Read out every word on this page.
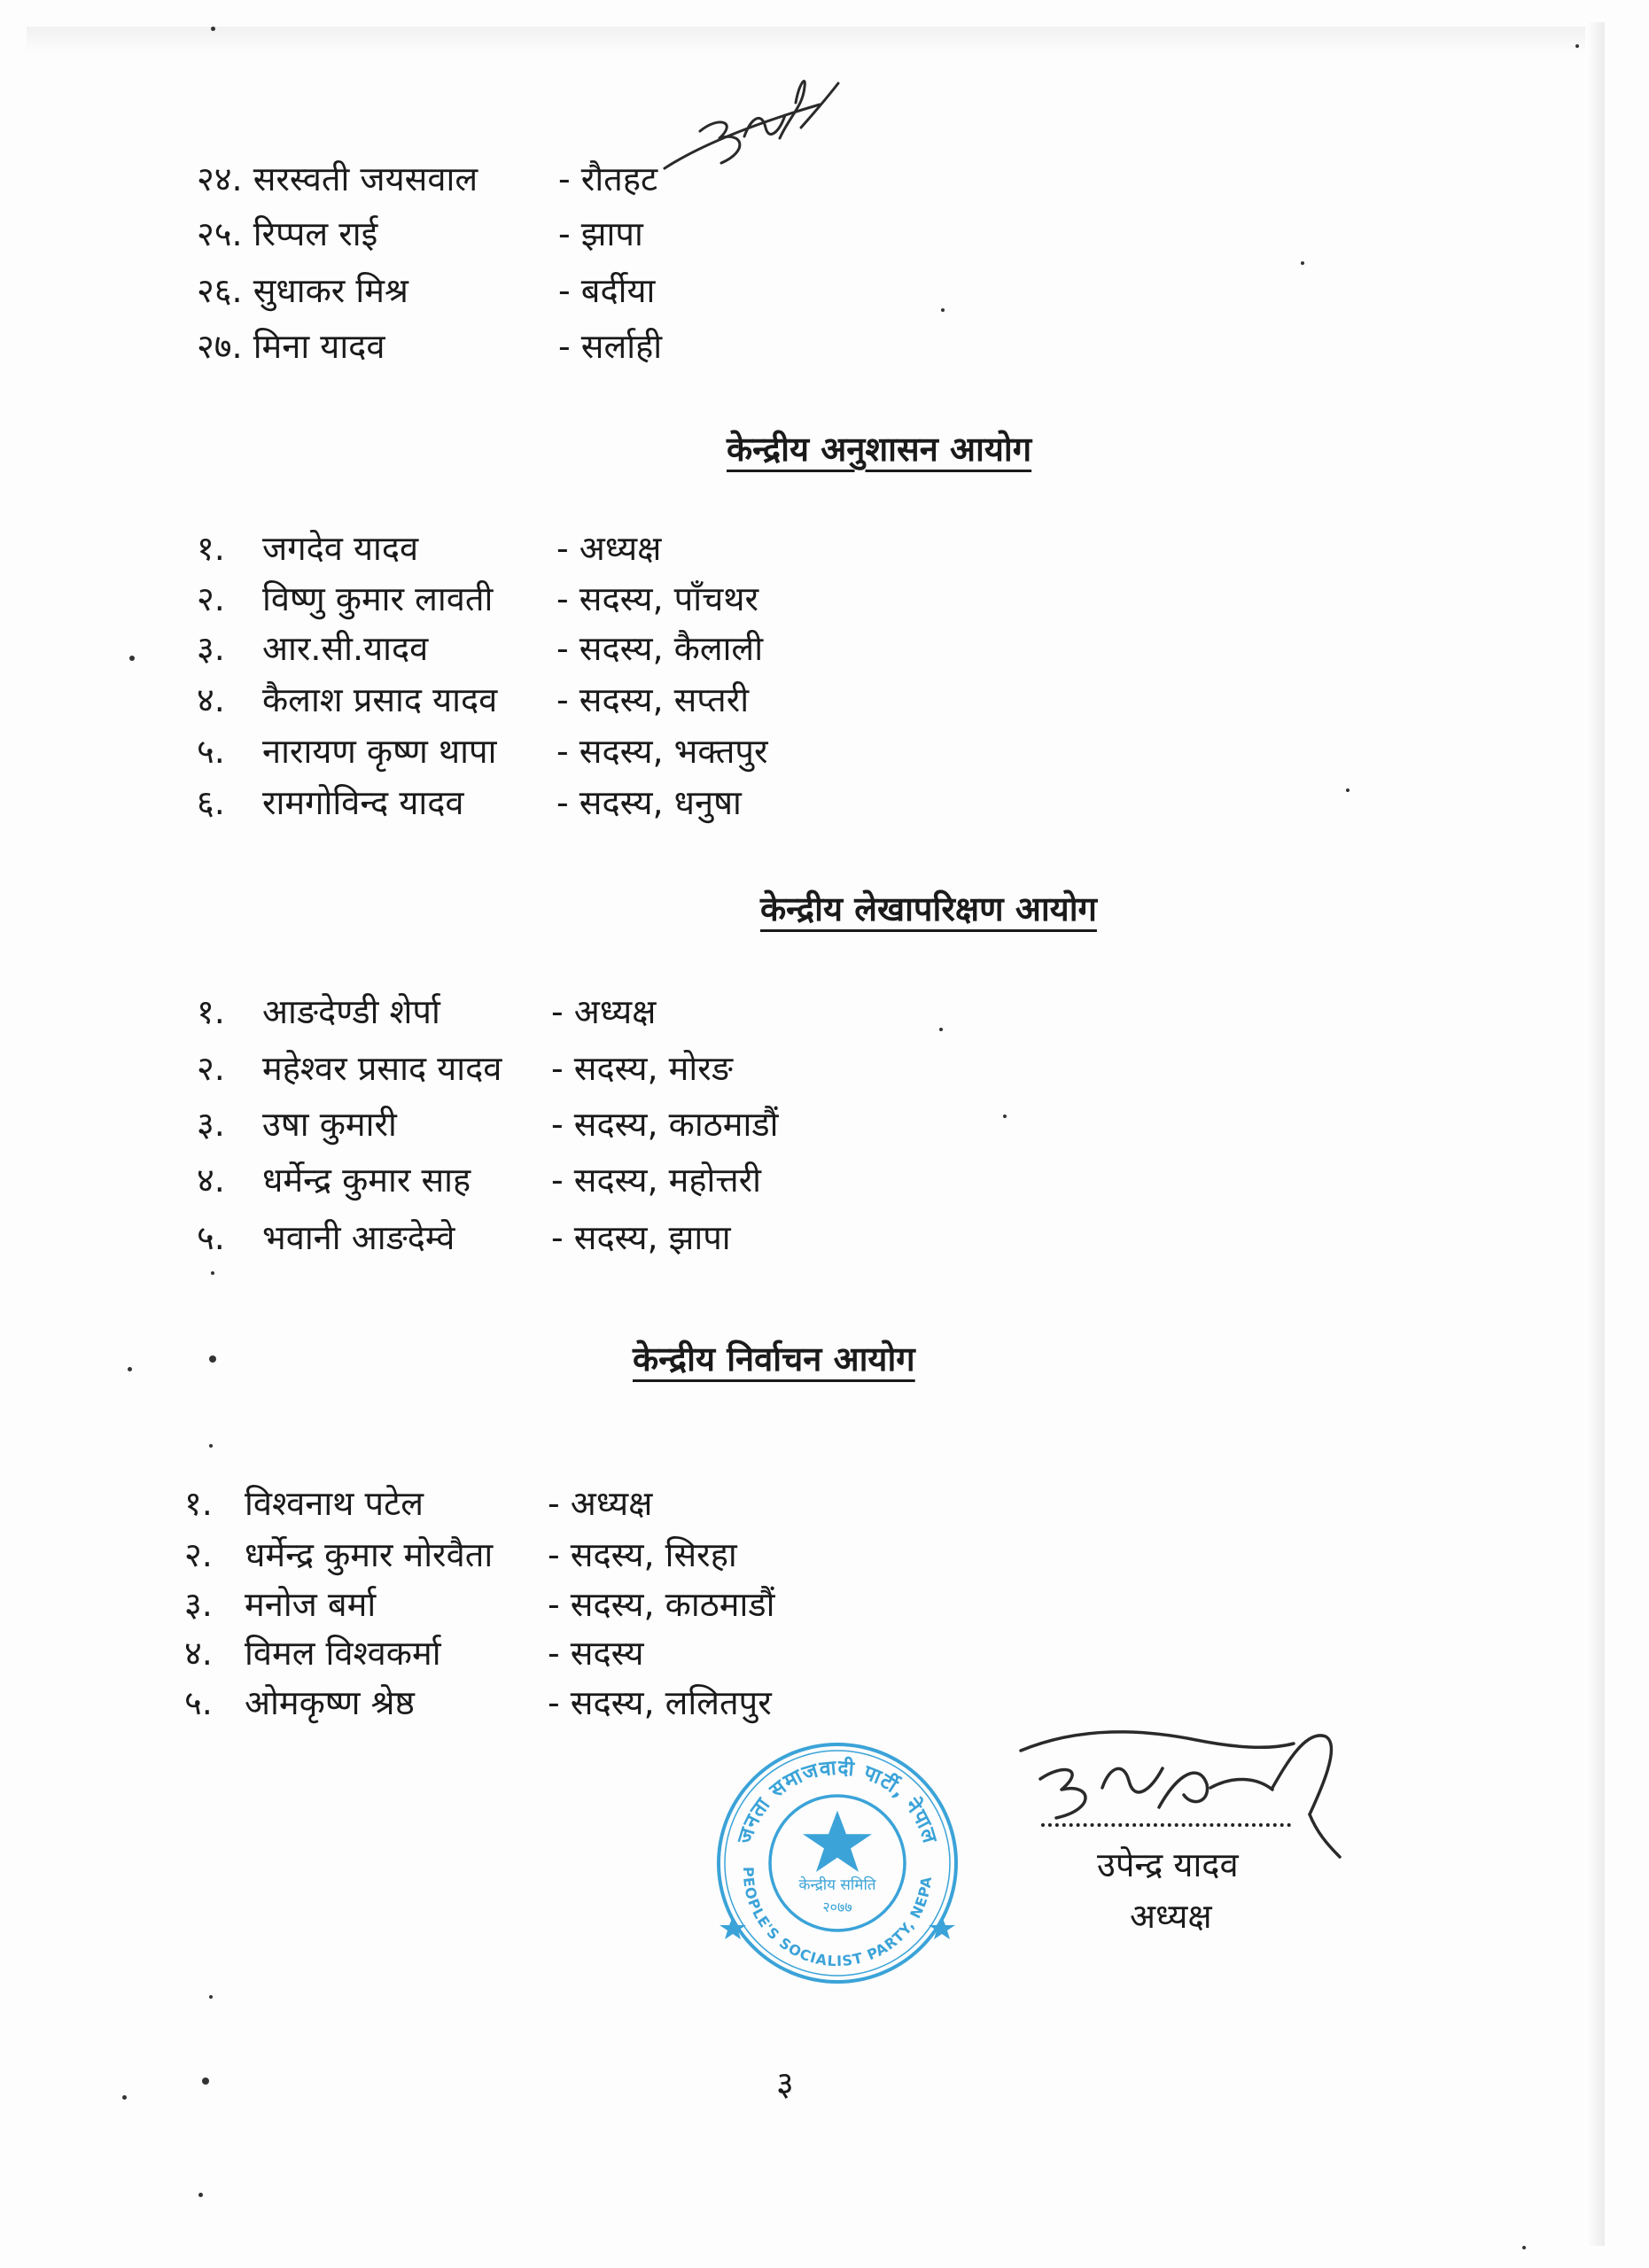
२४. सरस्वती जयसवाल - रौतहट
२५. रिप्पल राई	- झापा
२६. सुधाकर मिश्र	- बर्दीया
२७. मिना यादव	- सर्लाही
केन्द्रीय अनुशासन आयोग
१. जगदेव यादव	- अध्यक्ष
२. विष्णु कुमार लावती - सदस्य, पाँचथर
३. आर.सी.यादव	- सदस्य, कैलाली
४. कैलाश प्रसाद यादव - सदस्य, सप्तरी
५. नारायण कृष्ण थापा - सदस्य, भक्तपुर
६. रामगोविन्द यादव	- सदस्य, धनुषा
केन्द्रीय लेखापरिक्षण आयोग
१. आङदेण्डी शेर्पा	- अध्यक्ष
२. महेश्वर प्रसाद यादव - सदस्य, मोरङ
३. उषा कुमारी	- सदस्य, काठमाडौं
४. धर्मेन्द्र कुमार साह - सदस्य, महोत्तरी
५. भवानी आङदेम्वे	- सदस्य, झापा
केन्द्रीय निर्वाचन आयोग
१. विश्वनाथ पटेल	- अध्यक्ष
२. धर्मेन्द्र कुमार मोरवैता - सदस्य, सिरहा
३. मनोज बर्मा	- सदस्य, काठमाडौं
४. विमल विश्वकर्मा	- सदस्य
५. ओमकृष्ण श्रेष्ठ	- सदस्य, ललितपुर
जनता समाजवादी पार्टी, नेपाल
PEOPLE'S SOCIALIST PARTY, NEPAL
केन्द्रीय समिति
२०७७
उपेन्द्र यादव
अध्यक्ष
३
